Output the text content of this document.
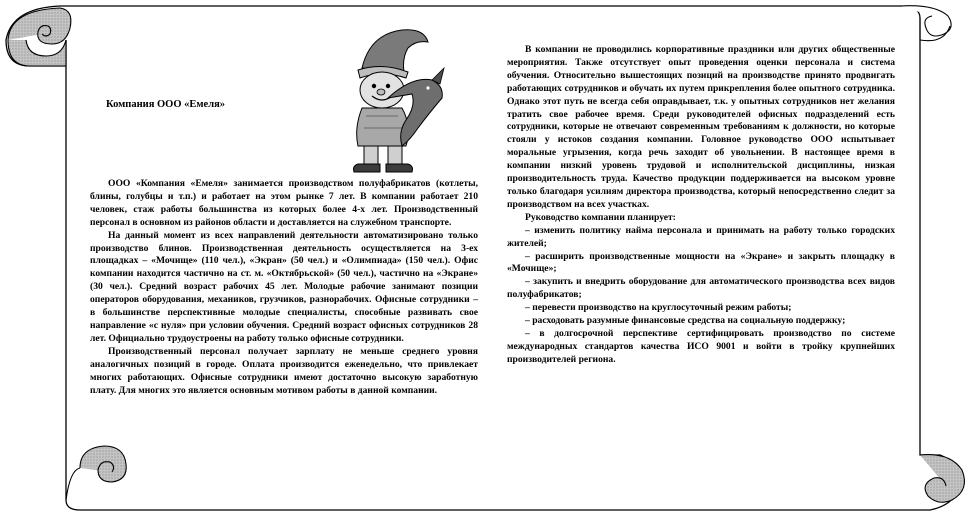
Компания ООО «Емеля»

ООО «Компания «Емеля» занимается производством полуфабрикатов (котлеты, блины, голубцы и т.п.) и работает на этом рынке 7 лет. В компании работает 210 человек, стаж работы большинства из которых более 4-х лет. Производственный персонал в основном из районов области и доставляется на служебном транспорте.

На данный момент из всех направлений деятельности автоматизировано только производство блинов. Производственная деятельность осуществляется на 3-ех площадках – «Мочище» (110 чел.), «Экран» (50 чел.) и «Олимпиада» (150 чел.). Офис компании находится частично на ст. м. «Октябрьской» (50 чел.), частично на «Экране» (30 чел.). Средний возраст рабочих 45 лет. Молодые рабочие занимают позиции операторов оборудования, механиков, грузчиков, разнорабочих. Офисные сотрудники – в большинстве перспективные молодые специалисты, способные развивать свое направление «с нуля» при условии обучения. Средний возраст офисных сотрудников 28 лет. Официально трудоустроены на работу только офисные сотрудники.

Производственный персонал получает зарплату не меньше среднего уровня аналогичных позиций в городе. Оплата производится еженедельно, что привлекает многих работающих. Офисные сотрудники имеют достаточно высокую заработную плату. Для многих это является основным мотивом работы в данной компании.

В компании не проводились корпоративные праздники или других общественные мероприятия. Также отсутствует опыт проведения оценки персонала и система обучения. Относительно вышестоящих позиций на производстве принято продвигать работающих сотрудников и обучать их путем прикрепления более опытного сотрудника. Однако этот путь не всегда себя оправдывает, т.к. у опытных сотрудников нет желания тратить свое рабочее время. Среди руководителей офисных подразделений есть сотрудники, которые не отвечают современным требованиям к должности, но которые стояли у истоков создания компании. Головное руководство ООО испытывает моральные угрызения, когда речь заходит об увольнении. В настоящее время в компании низкий уровень трудовой и исполнительской дисциплины, низкая производительность труда. Качество продукции поддерживается на высоком уровне только благодаря усилиям директора производства, который непосредственно следит за производством на всех участках.

Руководство компании планирует:

– изменить политику найма персонала и принимать на работу только городских жителей;

– расширить производственные мощности на «Экране» и закрыть площадку в «Мочище»;

– закупить и внедрить оборудование для автоматического производства всех видов полуфабрикатов;

– перевести производство на круглосуточный режим работы;

– расходовать разумные финансовые средства на социальную поддержку;

– в долгосрочной перспективе сертифицировать производство по системе международных стандартов качества ИСО 9001 и войти в тройку крупнейших производителей региона.
